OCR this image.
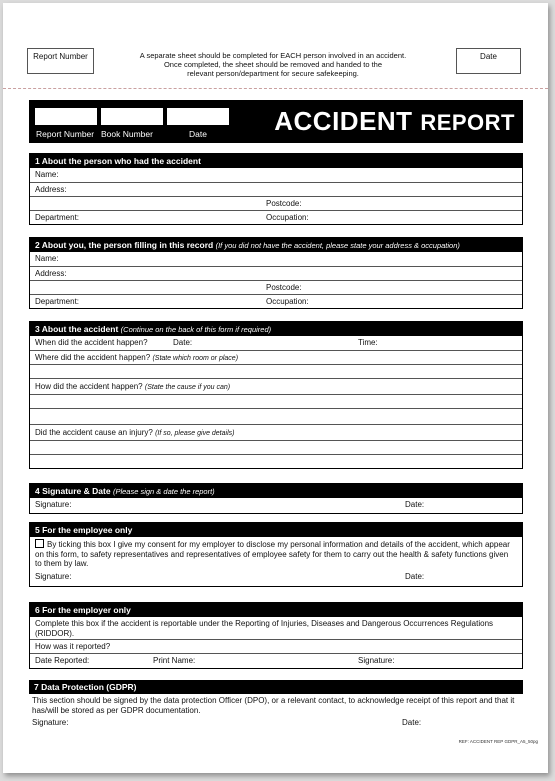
Report Number	A separate sheet should be completed for EACH person involved in an accident.
Once completed, the sheet should be removed and handed to the
relevant person/department for secure safekeeping.
Date
Report Number Book Number	Date	ACCIDENT REPORT
1 About the person who had the accident
Name:
Address:
Postcode:
Department:	Occupation:
2 About you, the person filling in this record (If you did not have the accident, please state your address & occupation)
Name:
Address:
Postcode:
Department:	Occupation:
3 About the accident (Continue on the back of this form if required)
When did the accident happen?	Date:	Time:
Where did the accident happen? (State which room or place)
How did the accident happen? (State the cause if you can)
Did the accident cause an injury? (If so, please give details)
4 Signature & Date (Please sign & date the report)
Signature:	Date:
5 For the employee only
By ticking this box I give my consent for my employer to disclose my personal information and details of the accident, which appear on this form, to safety representatives and representatives of employee safety for them to carry out the health & safety functions given to them by law.
Signature:	Date:
6 For the employer only
Complete this box if the accident is reportable under the Reporting of Injuries, Diseases and Dangerous Occurrences Regulations (RIDDOR).
How was it reported?
Date Reported:	Print Name:	Signature:
7 Data Protection (GDPR)
This section should be signed by the data protection Officer (DPO), or a relevant contact, to acknowledge receipt of this report and that it has/will be stored as per GDPR documentation.
Signature:	Date:
REF: ACCIDENT REP GDPR_A5_50pg
